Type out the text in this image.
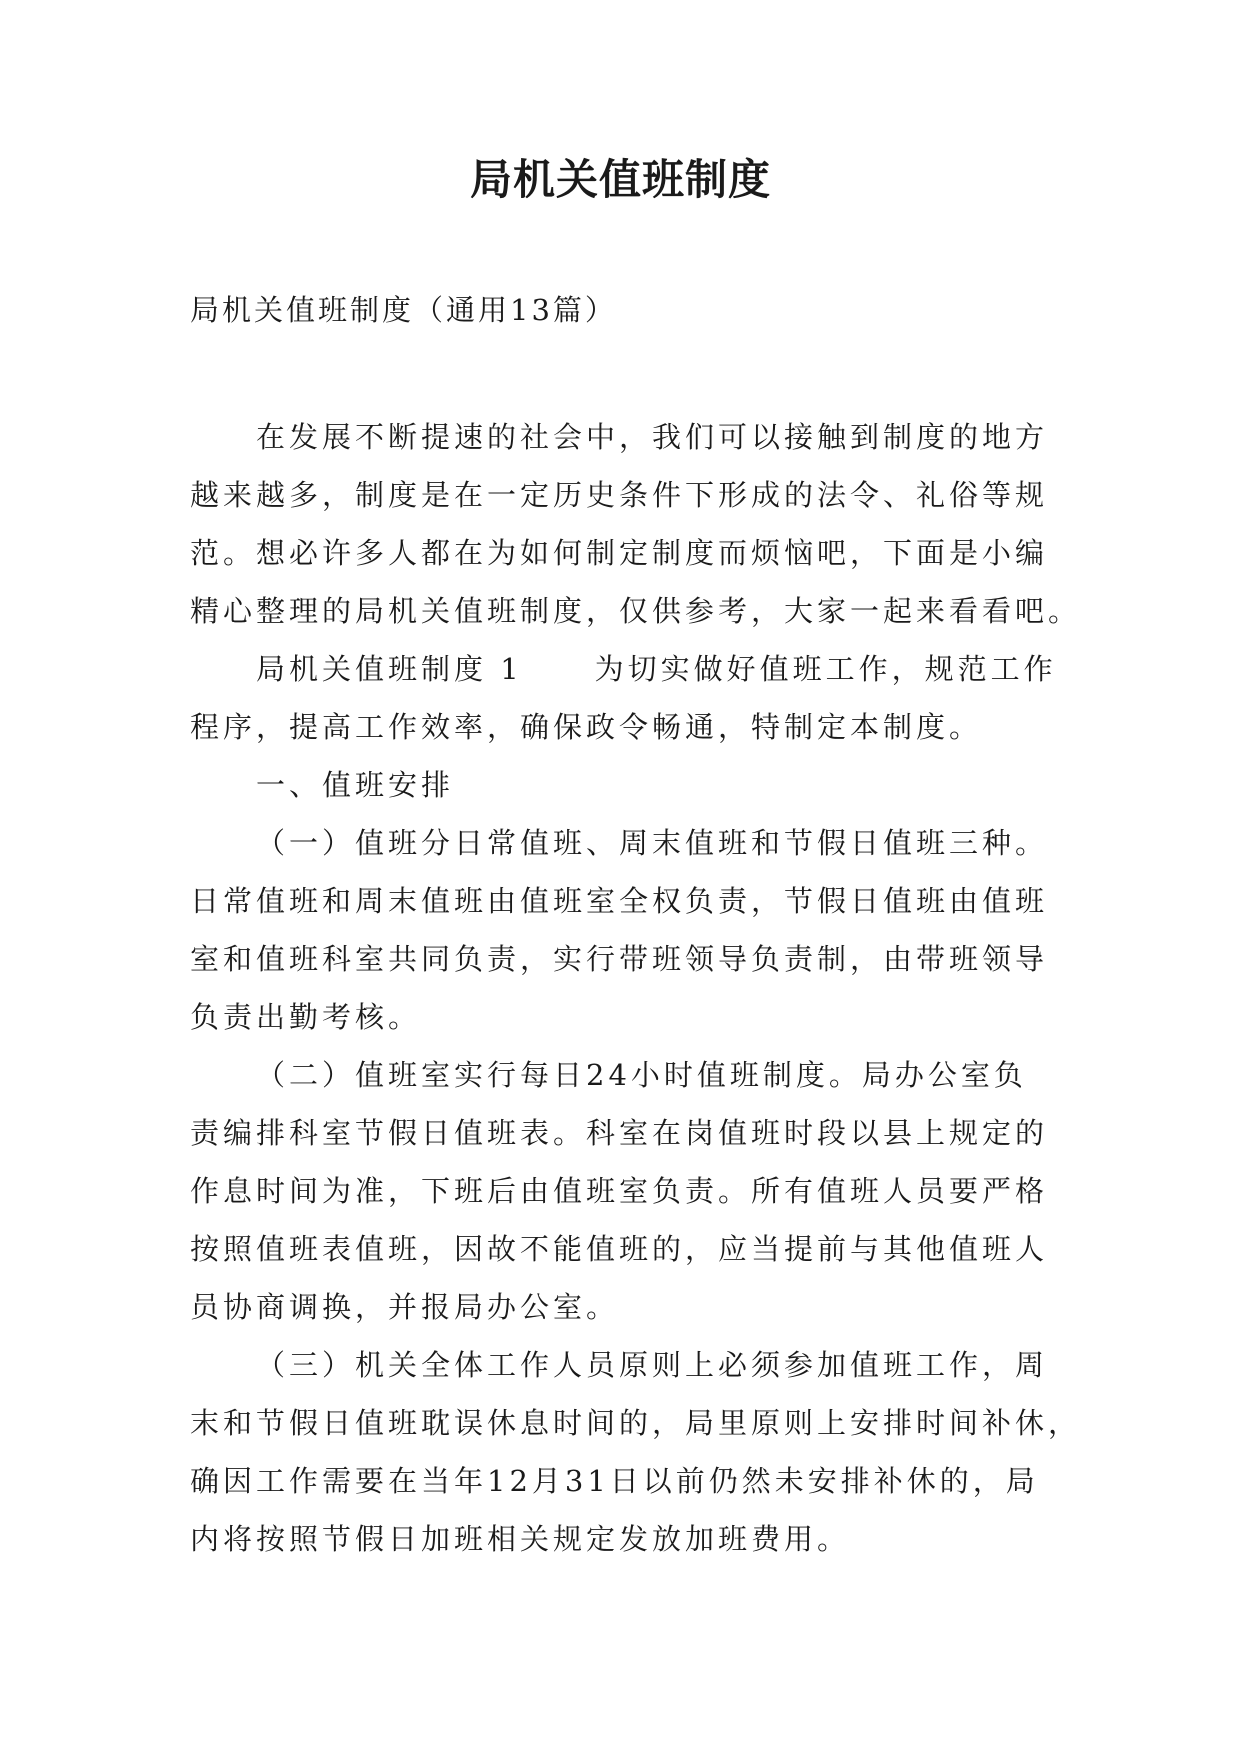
局机关值班制度
局机关值班制度（通用13篇）
在发展不断提速的社会中，我们可以接触到制度的地方
越来越多，制度是在一定历史条件下形成的法令、礼俗等规
范。想必许多人都在为如何制定制度而烦恼吧，下面是小编
精心整理的局机关值班制度，仅供参考，大家一起来看看吧。
局机关值班制度 1 为切实做好值班工作，规范工作
程序，提高工作效率，确保政令畅通，特制定本制度。
一、值班安排
（一）值班分日常值班、周末值班和节假日值班三种。
日常值班和周末值班由值班室全权负责，节假日值班由值班
室和值班科室共同负责，实行带班领导负责制，由带班领导
负责出勤考核。
（二）值班室实行每日24小时值班制度。局办公室负
责编排科室节假日值班表。科室在岗值班时段以县上规定的
作息时间为准，下班后由值班室负责。所有值班人员要严格
按照值班表值班，因故不能值班的，应当提前与其他值班人
员协商调换，并报局办公室。
（三）机关全体工作人员原则上必须参加值班工作，周
末和节假日值班耽误休息时间的，局里原则上安排时间补休，
确因工作需要在当年12月31日以前仍然未安排补休的，局
内将按照节假日加班相关规定发放加班费用。
